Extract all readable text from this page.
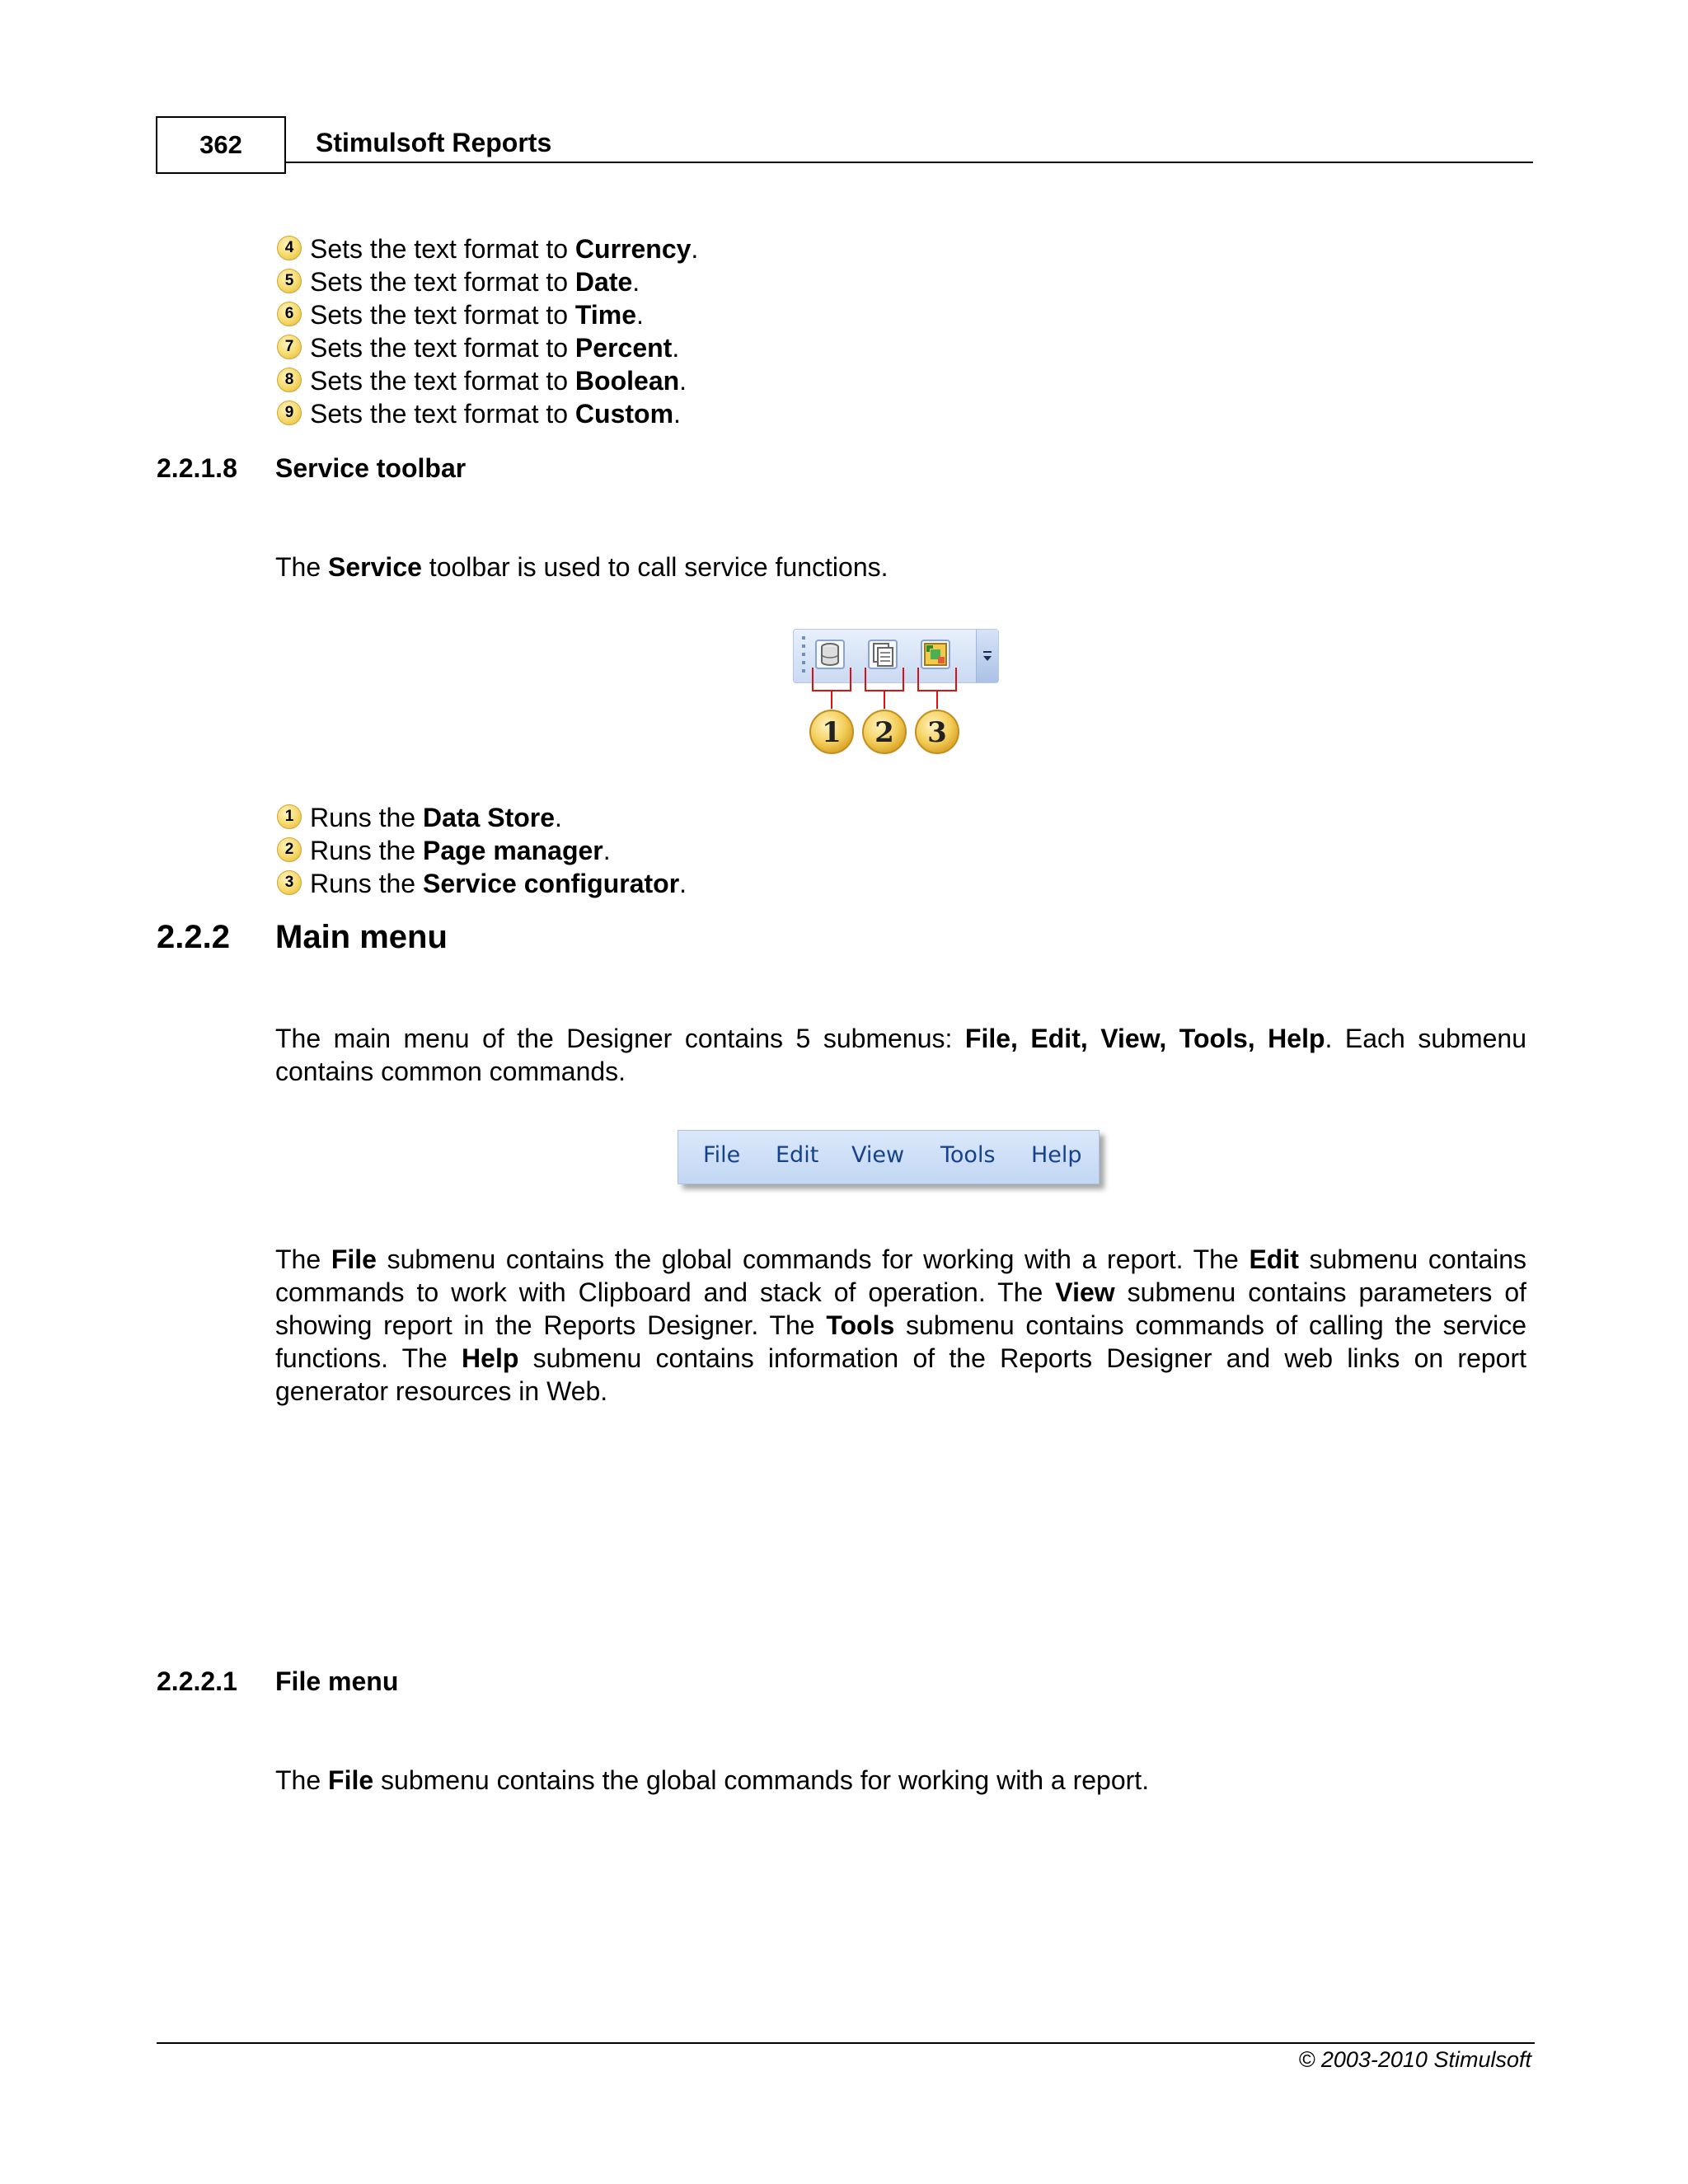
362	Stimulsoft Reports
4 Sets the text format to Currency.
5 Sets the text format to Date.
6 Sets the text format to Time.
7 Sets the text format to Percent.
8 Sets the text format to Boolean.
9 Sets the text format to Custom.
2.2.1.8 Service toolbar
The Service toolbar is used to call service functions.
1 2 3
1 Runs the Data Store.
2 Runs the Page manager.
3 Runs the Service configurator.
2.2.2 Main menu
The main menu of the Designer contains 5 submenus: File, Edit, View, Tools, Help. Each submenu contains common commands.
File Edit View Tools Help
The File submenu contains the global commands for working with a report. The Edit submenu contains commands to work with Clipboard and stack of operation. The View submenu contains parameters of showing report in the Reports Designer. The Tools submenu contains commands of calling the service functions. The Help submenu contains information of the Reports Designer and web links on report generator resources in Web.
2.2.2.1 File menu
The File submenu contains the global commands for working with a report.
© 2003-2010 Stimulsoft
